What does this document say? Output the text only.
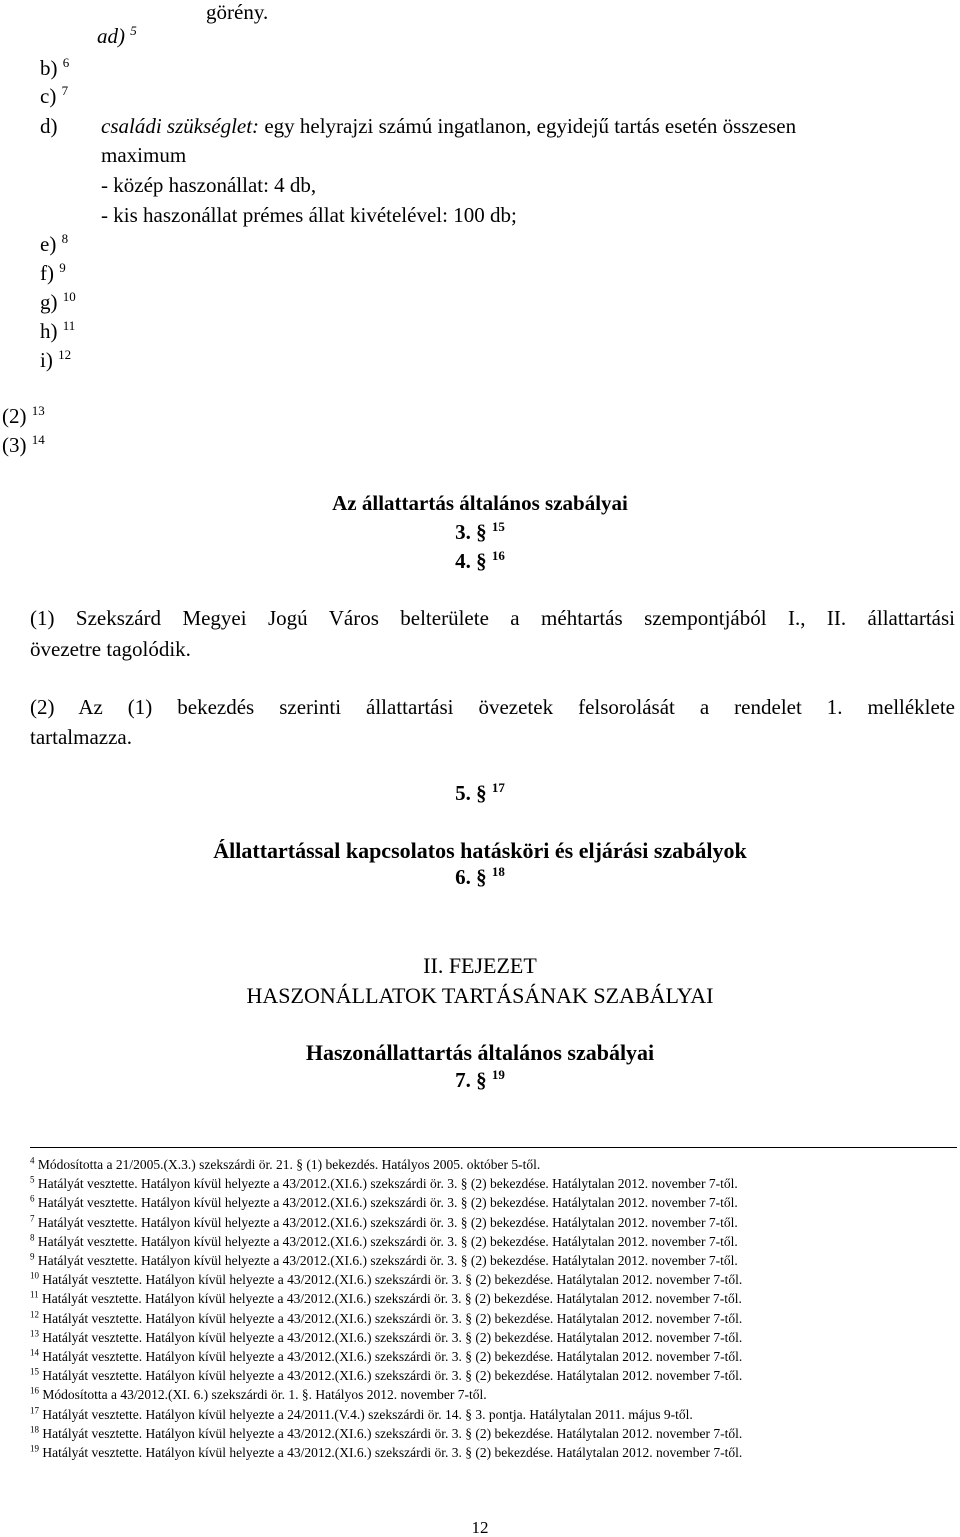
görény.
ad) $^5$
b) $^6$
c) $^7$
d) családi szükséglet: egy helyrajzi számú ingatlanon, egyidejű tartás esetén összesen
maximum
- közép haszonállat: 4 db,
- kis haszonállat prémes állat kivételével: 100 db;
e) $^8$
f) $^9$
g) $^{10}$
h) $^{11}$
i) $^{12}$
(2) $^{13}$
(3) $^{14}$
Az állattartás általános szabályai
3. § $^{15}$
4. § $^{16}$
(1) Szekszárd Megyei Jogú Város belterülete a méhtartás szempontjából I., II. állattartási
övezetre tagolódik.
(2) Az (1) bekezdés szerinti állattartási övezetek felsorolását a rendelet 1. melléklete
tartalmazza.
5. § $^{17}$
Állattartással kapcsolatos hatásköri és eljárási szabályok
6. § $^{18}$
II. FEJEZET
HASZONÁLLATOK TARTÁSÁNAK SZABÁLYAI
Haszonállattartás általános szabályai
7. § $^{19}$
$^4$ Módosította a 21/2005.(X.3.) szekszárdi ör. 21. § (1) bekezdés. Hatályos 2005. október 5-től.
$^5$ Hatályát vesztette. Hatályon kívül helyezte a 43/2012.(XI.6.) szekszárdi ör. 3. § (2) bekezdése. Hatálytalan 2012. november 7-től.
$^6$ Hatályát vesztette. Hatályon kívül helyezte a 43/2012.(XI.6.) szekszárdi ör. 3. § (2) bekezdése. Hatálytalan 2012. november 7-től.
$^7$ Hatályát vesztette. Hatályon kívül helyezte a 43/2012.(XI.6.) szekszárdi ör. 3. § (2) bekezdése. Hatálytalan 2012. november 7-től.
$^8$ Hatályát vesztette. Hatályon kívül helyezte a 43/2012.(XI.6.) szekszárdi ör. 3. § (2) bekezdése. Hatálytalan 2012. november 7-től.
$^9$ Hatályát vesztette. Hatályon kívül helyezte a 43/2012.(XI.6.) szekszárdi ör. 3. § (2) bekezdése. Hatálytalan 2012. november 7-től.
$^{10}$ Hatályát vesztette. Hatályon kívül helyezte a 43/2012.(XI.6.) szekszárdi ör. 3. § (2) bekezdése. Hatálytalan 2012. november 7-től.
$^{11}$ Hatályát vesztette. Hatályon kívül helyezte a 43/2012.(XI.6.) szekszárdi ör. 3. § (2) bekezdése. Hatálytalan 2012. november 7-től.
$^{12}$ Hatályát vesztette. Hatályon kívül helyezte a 43/2012.(XI.6.) szekszárdi ör. 3. § (2) bekezdése. Hatálytalan 2012. november 7-től.
$^{13}$ Hatályát vesztette. Hatályon kívül helyezte a 43/2012.(XI.6.) szekszárdi ör. 3. § (2) bekezdése. Hatálytalan 2012. november 7-től.
$^{14}$ Hatályát vesztette. Hatályon kívül helyezte a 43/2012.(XI.6.) szekszárdi ör. 3. § (2) bekezdése. Hatálytalan 2012. november 7-től.
$^{15}$ Hatályát vesztette. Hatályon kívül helyezte a 43/2012.(XI.6.) szekszárdi ör. 3. § (2) bekezdése. Hatálytalan 2012. november 7-től.
$^{16}$ Módosította a 43/2012.(XI. 6.) szekszárdi ör. 1. §. Hatályos 2012. november 7-től.
$^{17}$ Hatályát vesztette. Hatályon kívül helyezte a 24/2011.(V.4.) szekszárdi ör. 14. § 3. pontja. Hatálytalan 2011. május 9-től.
$^{18}$ Hatályát vesztette. Hatályon kívül helyezte a 43/2012.(XI.6.) szekszárdi ör. 3. § (2) bekezdése. Hatálytalan 2012. november 7-től.
$^{19}$ Hatályát vesztette. Hatályon kívül helyezte a 43/2012.(XI.6.) szekszárdi ör. 3. § (2) bekezdése. Hatálytalan 2012. november 7-től.
12
